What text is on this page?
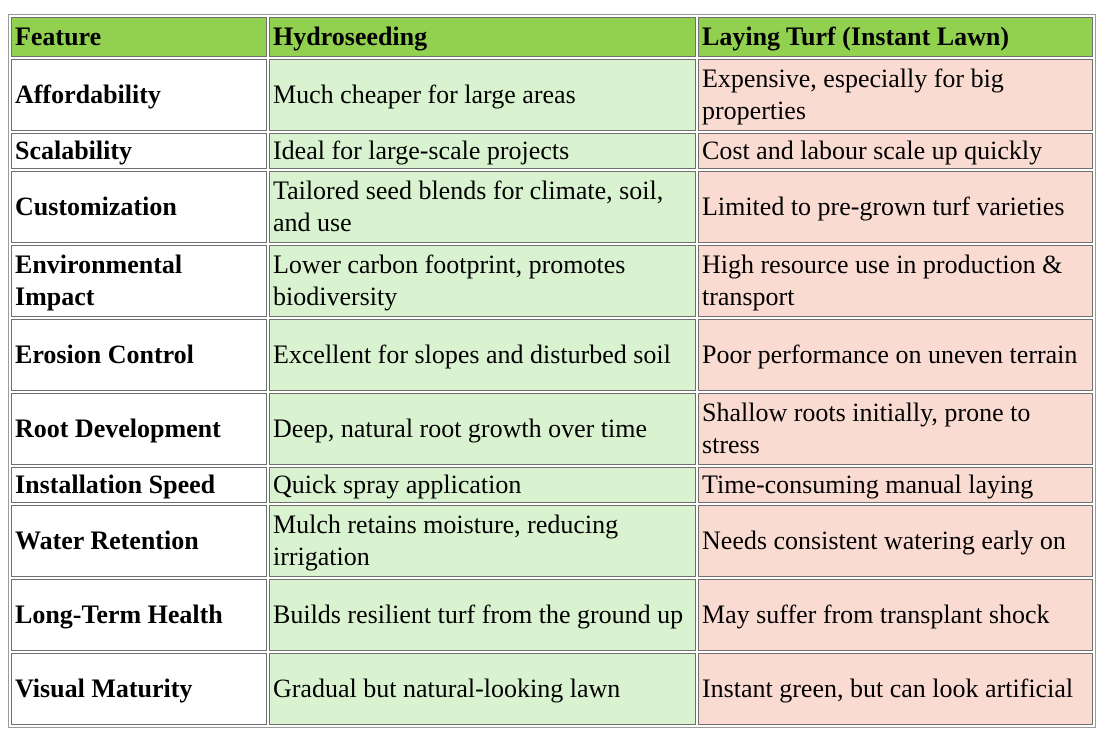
Feature	Hydroseeding	Laying Turf (Instant Lawn)
Affordability	Much cheaper for large areas	Expensive, especially for big properties
Scalability	Ideal for large-scale projects	Cost and labour scale up quickly
Customization	Tailored seed blends for climate, soil, and use	Limited to pre-grown turf varieties
Environmental Impact	Lower carbon footprint, promotes biodiversity	High resource use in production & transport
Erosion Control	Excellent for slopes and disturbed soil	Poor performance on uneven terrain
Root Development	Deep, natural root growth over time	Shallow roots initially, prone to stress
Installation Speed	Quick spray application	Time-consuming manual laying
Water Retention	Mulch retains moisture, reducing irrigation	Needs consistent watering early on
Long-Term Health	Builds resilient turf from the ground up	May suffer from transplant shock
Visual Maturity	Gradual but natural-looking lawn	Instant green, but can look artificial
